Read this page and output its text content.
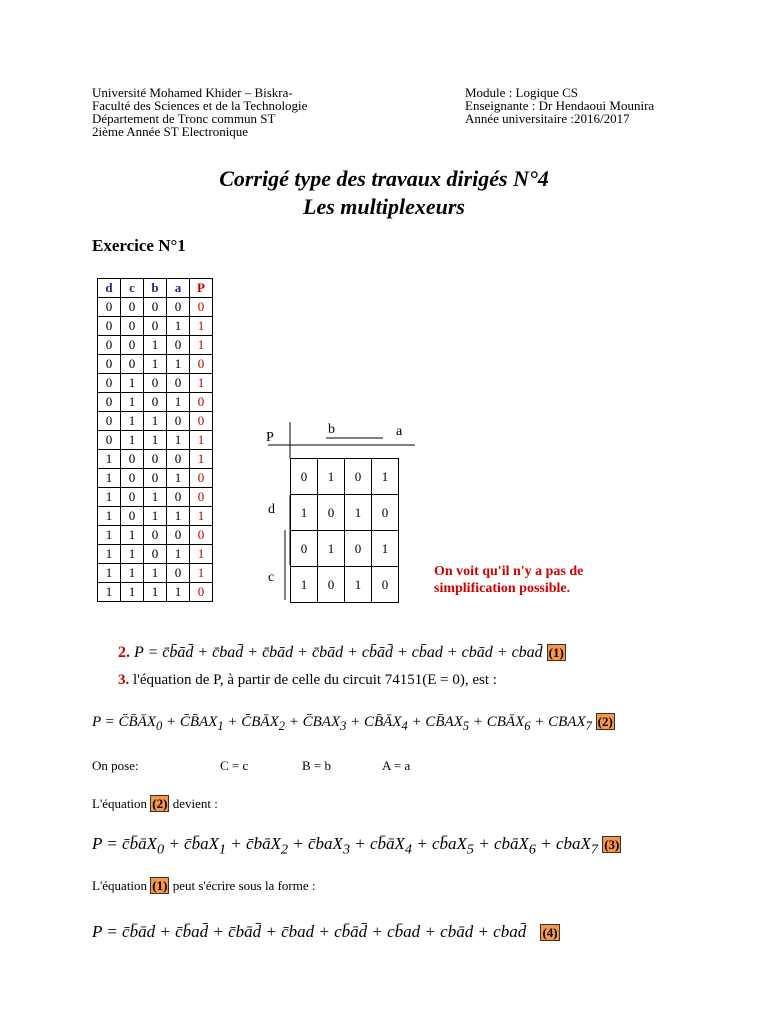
Université Mohamed Khider – Biskra-
Faculté des Sciences et de la Technologie
Département de Tronc commun ST
2ième Année ST Electronique
Module : Logique CS
Enseignante : Dr Hendaoui Mounira
Année universitaire :2016/2017
Corrigé type des travaux dirigés N°4
Les multiplexeurs
Exercice N°1
d	c	b	a	P
0	0	0	0	0
0	0	0	1	1
0	0	1	0	1
0	0	1	1	0
0	1	0	0	1
0	1	0	1	0
0	1	1	0	0
0	1	1	1	1
1	0	0	0	1
1	0	0	1	0
1	0	1	0	0
1	0	1	1	1
1	1	0	0	0
1	1	0	1	1
1	1	1	0	1
1	1	1	1	0
P
b	a
d
c
0	1	0	1
1	0	1	0
0	1	0	1
1	0	1	0
On voit qu'il n'y a pas de simplification possible.
2. P = c̄b̄ād̄ + c̄bad̄ + c̄bād + c̄bād + cb̄ād̄ + cb̄ad + cbād + cbad̄ (1)
3. l'équation de P, à partir de celle du circuit 74151(E = 0), est :
$P = C̄B̄ĀX_0$ + $C̄B̄AX_1$ + $C̄BĀX_2$ + $C̄BAX_3$ + $CB̄ĀX_4$ + $CB̄AX_5$ + $CBĀX_6$ + $CBAX_7$ (2)
On pose:	C = c	B = b	A = a
L'équation (2) devient :
$P = c̄b̄āX_0$ + $c̄b̄aX_1$ + c̄bāX$_2$ + c̄baX$_3$ + $cb̄āX_4$ + $cb̄aX_5$ + cbāX$_6$ + cbaX$_7$ (3)
L'équation (1) peut s'écrire sous la forme :
P = c̄b̄ād + c̄b̄ad̄ + c̄bād̄ + c̄bad + cb̄ād̄ + cb̄ad + cbād + cbad̄ (4)
